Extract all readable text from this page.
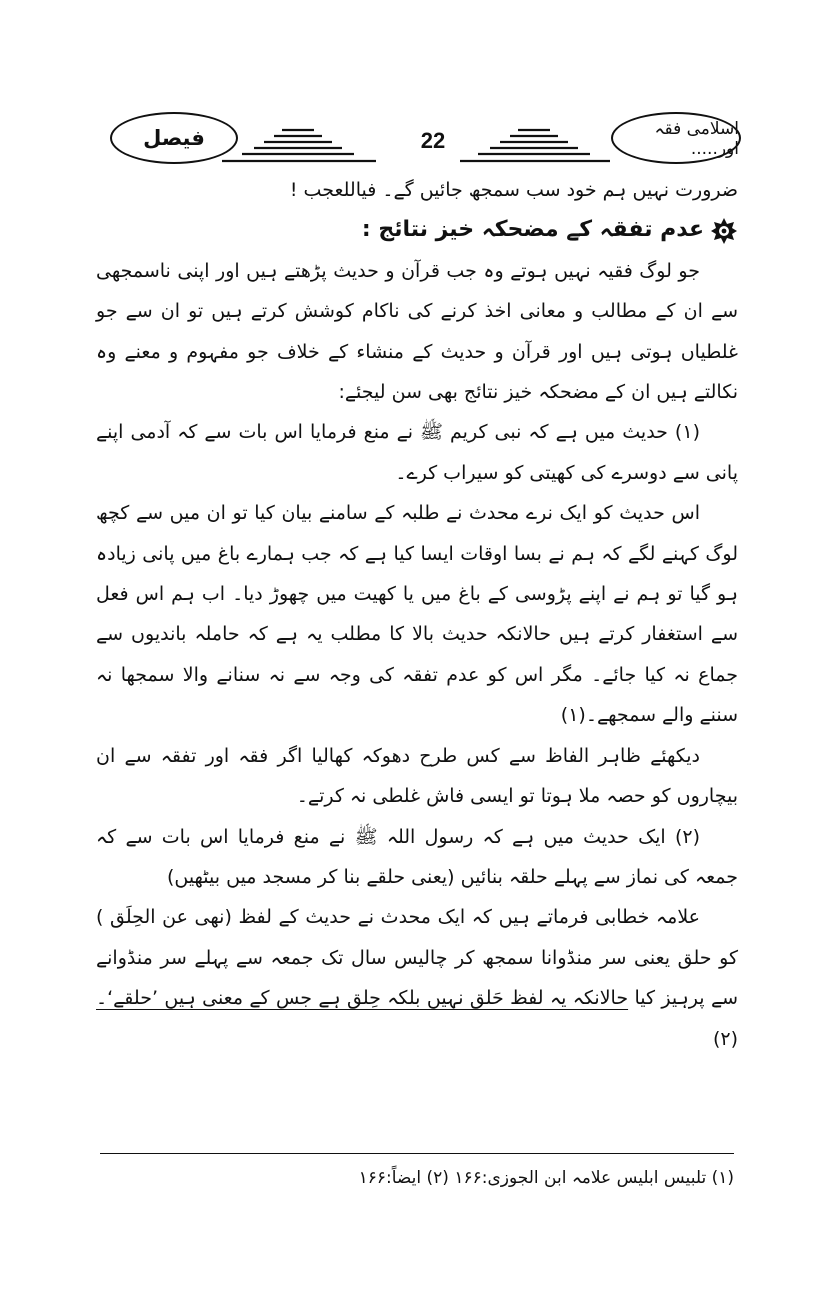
اسلامی فقہ اور.....
22
فیصل

ضرورت نہیں ہم خود سب سمجھ جائیں گے۔ فیاللعجب !

عدم تفقہ کے مضحکہ خیز نتائج :

جو لوگ فقیہ نہیں ہوتے وہ جب قرآن و حدیث پڑھتے ہیں اور اپنی ناسمجھی سے ان کے مطالب و معانی اخذ کرنے کی ناکام کوشش کرتے ہیں تو ان سے جو غلطیاں ہوتی ہیں اور قرآن و حدیث کے منشاء کے خلاف جو مفہوم و معنے وہ نکالتے ہیں ان کے مضحکہ خیز نتائج بھی سن لیجئے:

(۱) حدیث میں ہے کہ نبی کریم ﷺ نے منع فرمایا اس بات سے کہ آدمی اپنے پانی سے دوسرے کی کھیتی کو سیراب کرے۔

اس حدیث کو ایک نرے محدث نے طلبہ کے سامنے بیان کیا تو ان میں سے کچھ لوگ کہنے لگے کہ ہم نے بسا اوقات ایسا کیا ہے کہ جب ہمارے باغ میں پانی زیادہ ہو گیا تو ہم نے اپنے پڑوسی کے باغ میں یا کھیت میں چھوڑ دیا۔ اب ہم اس فعل سے استغفار کرتے ہیں حالانکہ حدیث بالا کا مطلب یہ ہے کہ حاملہ باندیوں سے جماع نہ کیا جائے۔ مگر اس کو عدم تفقہ کی وجہ سے نہ سنانے والا سمجھا نہ سننے والے سمجھے۔(۱)

دیکھئے ظاہر الفاظ سے کس طرح دھوکہ کھالیا اگر فقہ اور تفقہ سے ان بیچاروں کو حصہ ملا ہوتا تو ایسی فاش غلطی نہ کرتے۔

(۲) ایک حدیث میں ہے کہ رسول اللہ ﷺ نے منع فرمایا اس بات سے کہ جمعہ کی نماز سے پہلے حلقہ بنائیں (یعنی حلقے بنا کر مسجد میں بیٹھیں)

علامہ خطابی فرماتے ہیں کہ ایک محدث نے حدیث کے لفظ (نهى عن الحِلَق ) کو حلق یعنی سر منڈوانا سمجھ کر چالیس سال تک جمعہ سے پہلے سر منڈوانے سے پرہیز کیا حالانکہ یہ لفظ حَلق نہیں بلکہ حِلق ہے جس کے معنی ہیں ’حلقے‘۔ (۲)

(۱) تلبیس ابلیس علامہ ابن الجوزی:۱۶۶ (۲) ایضاً:۱۶۶
